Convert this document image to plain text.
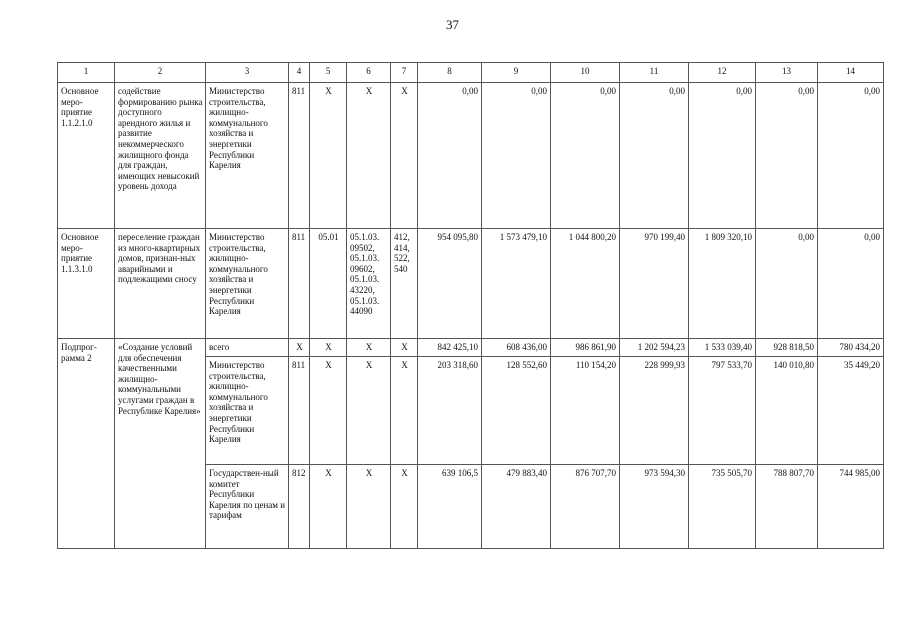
37
1	2	3	4	5	6	7	8	9	10	11	12	13	14
Основное меро-приятие 1.1.2.1.0	содействие формированию рынка доступного арендного жилья и развитие некоммерческого жилищного фонда для граждан, имеющих невысокий уровень дохода	Министерство строительства, жилищно-коммунального хозяйства и энергетики Республики Карелия	811	X	X	X	0,00	0,00	0,00	0,00	0,00	0,00	0,00
Основное меро-приятие 1.1.3.1.0	переселение граждан из много-квартирных домов, признан-ных аварийными и подлежащими сносу	Министерство строительства, жилищно-коммунального хозяйства и энергетики Республики Карелия	811	05.01	05.1.03. 09502, 05.1.03. 09602, 05.1.03. 43220, 05.1.03. 44090	412, 414, 522, 540	954 095,80	1 573 479,10	1 044 800,20	970 199,40	1 809 320,10	0,00	0,00
Подпрог-рамма 2	«Создание условий для обеспечения качественными жилищно-коммунальными услугами граждан в Республике Карелия»	всего	X	X	X	X	842 425,10	608 436,00	986 861,90	1 202 594,23	1 533 039,40	928 818,50	780 434,20
		Министерство строительства, жилищно-коммунального хозяйства и энергетики Республики Карелия	811	X	X	X	203 318,60	128 552,60	110 154,20	228 999,93	797 533,70	140 010,80	35 449,20
		Государствен-ный комитет Республики Карелия по ценам и тарифам	812	X	X	X	639 106,5	479 883,40	876 707,70	973 594,30	735 505,70	788 807,70	744 985,00
